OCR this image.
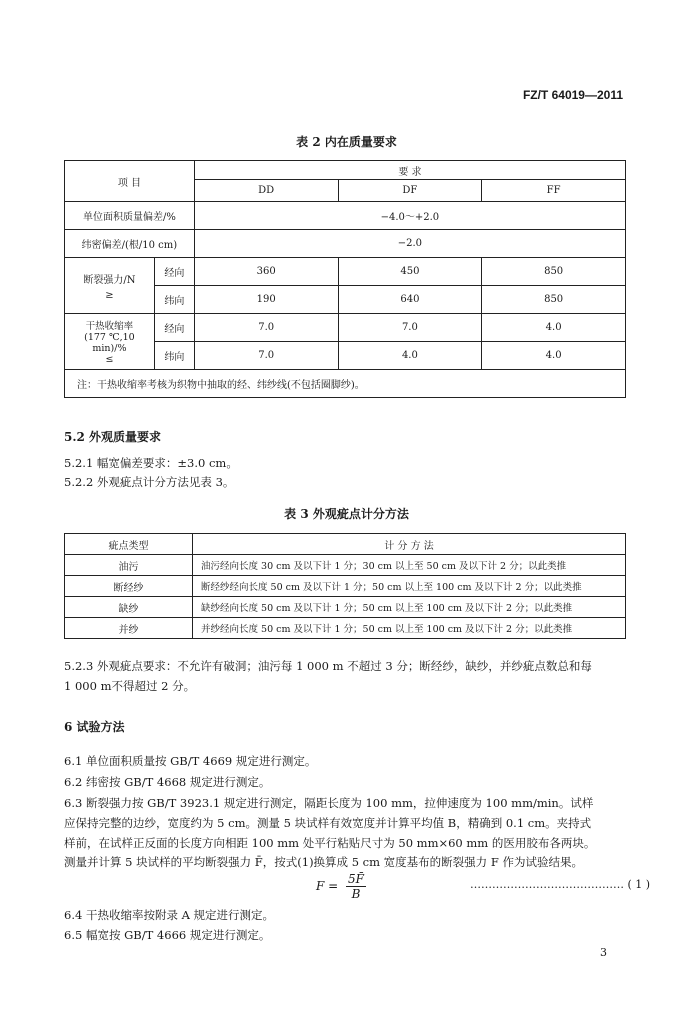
FZ/T 64019—2011
表 2 内在质量要求
项 目		要 求		
		DD	DF	FF
单位面积质量偏差/%		−4.0～+2.0		
纬密偏差/(根/10 cm)		−2.0		

断裂强力/N
≥	经向	360	450	850
	纬向	190	640	850

干热收缩率
(177 ℃,10 min)/%
≤	经向	7.0	7.0	4.0
	纬向	7.0	4.0	4.0
注：干热收缩率考核为织物中抽取的经、纬纱线(不包括圈脚纱)。				
5.2 外观质量要求
5.2.1 幅宽偏差要求：±3.0 cm。
5.2.2 外观疵点计分方法见表 3。
表 3 外观疵点计分方法
疵点类型	计 分 方 法
油污	油污经向长度 30 cm 及以下计 1 分；30 cm 以上至 50 cm 及以下计 2 分；以此类推
断经纱	断经纱经向长度 50 cm 及以下计 1 分；50 cm 以上至 100 cm 及以下计 2 分；以此类推
缺纱	缺纱经向长度 50 cm 及以下计 1 分；50 cm 以上至 100 cm 及以下计 2 分；以此类推
并纱	并纱经向长度 50 cm 及以下计 1 分；50 cm 以上至 100 cm 及以下计 2 分；以此类推
5.2.3 外观疵点要求：不允许有破洞；油污每 1 000 m 不超过 3 分；断经纱，缺纱，并纱疵点数总和每
1 000 m不得超过 2 分。
6 试验方法
6.1 单位面积质量按 GB/T 4669 规定进行测定。
6.2 纬密按 GB/T 4668 规定进行测定。
6.3 断裂强力按 GB/T 3923.1 规定进行测定，隔距长度为 100 mm，拉伸速度为 100 mm/min。试样
应保持完整的边纱，宽度约为 5 cm。测量 5 块试样有效宽度并计算平均值 B，精确到 0.1 cm。夹持式
样前，在试样正反面的长度方向相距 100 mm 处平行粘贴尺寸为 50 mm×60 mm 的医用胶布各两块。
测量并计算 5 块试样的平均断裂强力 F̄，按式(1)换算成 5 cm 宽度基布的断裂强力 F 作为试验结果。
$F = \frac{5F̄}{B}$	…………………………………… ( 1 )
6.4 干热收缩率按附录 A 规定进行测定。
6.5 幅宽按 GB/T 4666 规定进行测定。
3
